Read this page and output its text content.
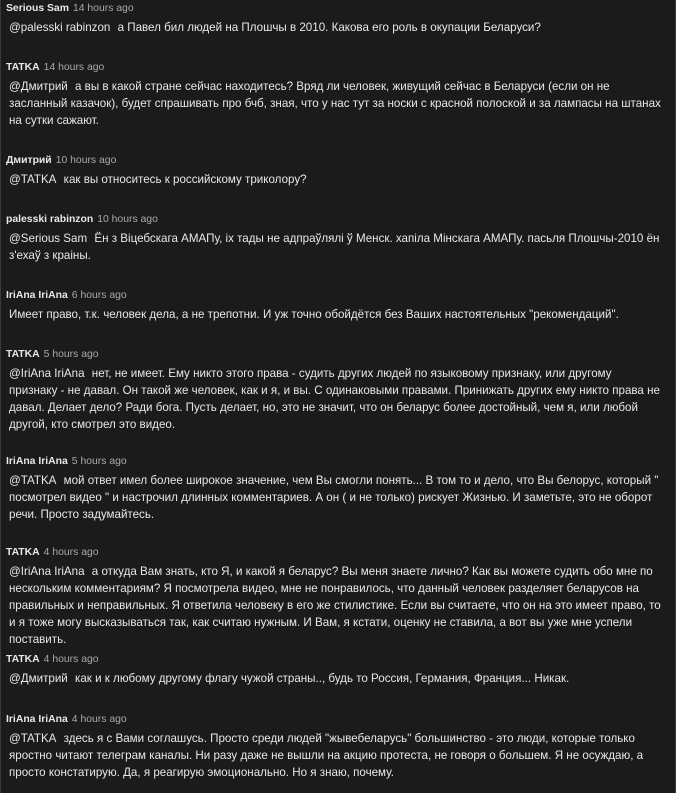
Serious Sam 14 hours ago
@palesski rabinzon а Павел бил людей на Плошчы в 2010. Какова его роль в окупации Беларуси?
TATKA 14 hours ago
@Дмитрий а вы в какой стране сейчас находитесь? Вряд ли человек, живущий сейчас в Беларуси (если он не засланный казачок), будет спрашивать про бчб, зная, что у нас тут за носки с красной полоской и за лампасы на штанах на сутки сажают.
Дмитрий 10 hours ago
@TATKA как вы относитесь к российскому триколору?
palesski rabinzon 10 hours ago
@Serious Sam Ён з Віцебскага АМАПу, іх тады не адпраўлялі ў Менск. хапіла Мінскага АМАПу. пасьля Плошчы-2010 ён з'ехаў з краіны.
IriAna IriAna 6 hours ago
Имеет право, т.к. человек дела, а не трепотни. И уж точно обойдётся без Ваших настоятельных "рекомендаций".
TATKA 5 hours ago
@IriAna IriAna нет, не имеет. Ему никто этого права - судить других людей по языковому признаку, или другому признаку - не давал. Он такой же человек, как и я, и вы. С одинаковыми правами. Принижать других ему никто права не давал. Делает дело? Ради бога. Пусть делает, но, это не значит, что он беларус более достойный, чем я, или любой другой, кто смотрел это видео.
IriAna IriAna 5 hours ago
@TATKA мой ответ имел более широкое значение, чем Вы смогли понять... В том то и дело, что Вы белорус, который " посмотрел видео " и настрочил длинных комментариев. А он ( и не только) рискует Жизнью. И заметьте, это не оборот речи. Просто задумайтесь.
TATKA 4 hours ago
@IriAna IriAna а откуда Вам знать, кто Я, и какой я беларус? Вы меня знаете лично? Как вы можете судить обо мне по нескольким комментариям? Я посмотрела видео, мне не понравилось, что данный человек разделяет беларусов на правильных и неправильных. Я ответила человеку в его же стилистике. Если вы считаете, что он на это имеет право, то и я тоже могу высказываться так, как считаю нужным. И Вам, я кстати, оценку не ставила, а вот вы уже мне успели поставить.
TATKA 4 hours ago
@Дмитрий как и к любому другому флагу чужой страны.., будь то Россия, Германия, Франция... Никак.
IriAna IriAna 4 hours ago
@TATKA здесь я с Вами соглашусь. Просто среди людей "жывебеларусь" большинство - это люди, которые только яростно читают телеграм каналы. Ни разу даже не вышли на акцию протеста, не говоря о большем. Я не осуждаю, а просто констатирую. Да, я реагирую эмоционально. Но я знаю, почему.
